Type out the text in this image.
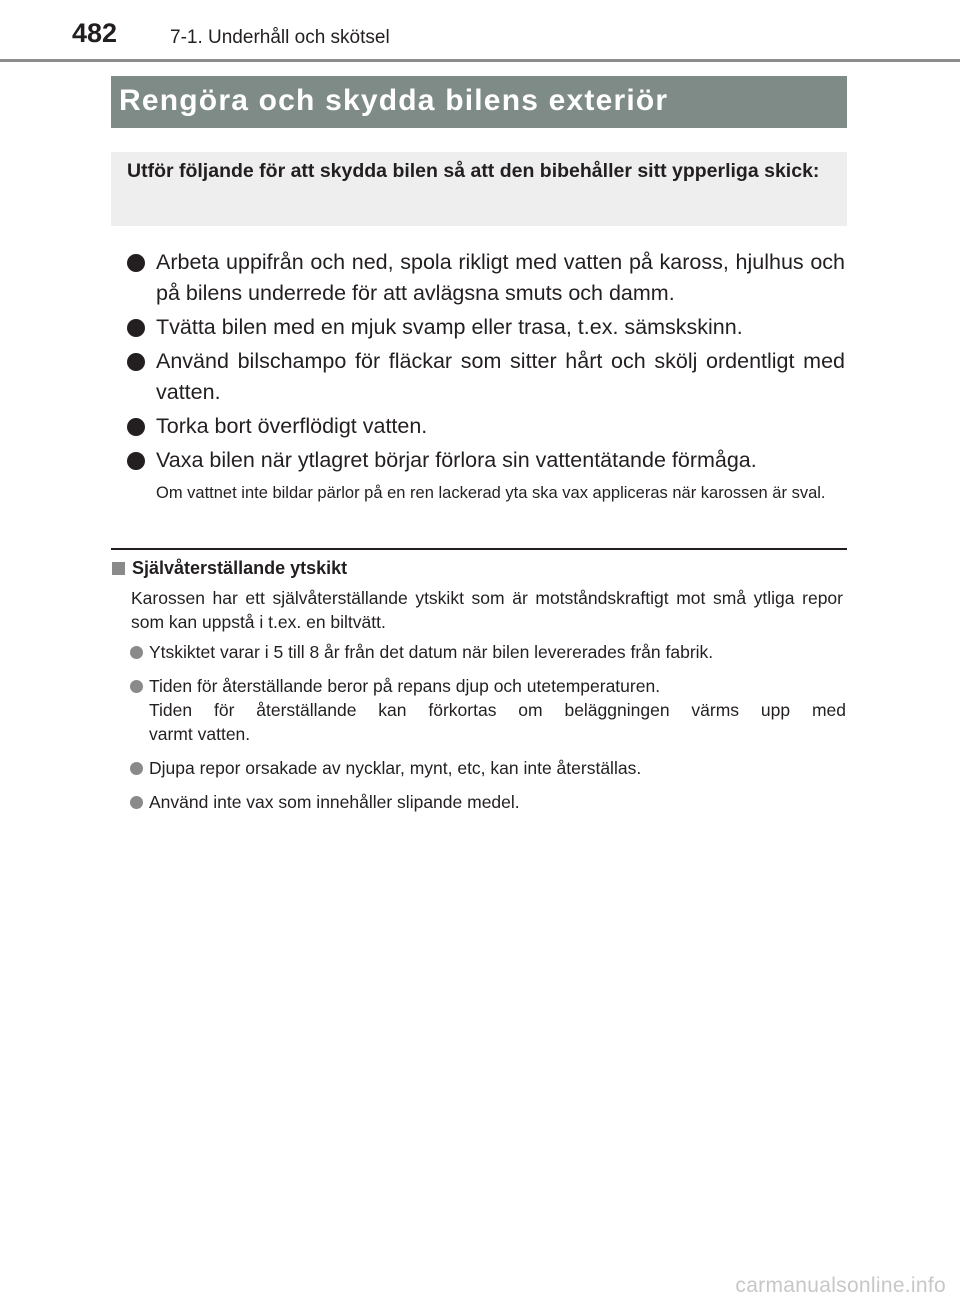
482	7-1. Underhåll och skötsel
Rengöra och skydda bilens exteriör
Utför följande för att skydda bilen så att den bibehåller sitt ypperliga skick:
Arbeta uppifrån och ned, spola rikligt med vatten på kaross, hjulhus och på bilens underrede för att avlägsna smuts och damm.
Tvätta bilen med en mjuk svamp eller trasa, t.ex. sämskskinn.
Använd bilschampo för fläckar som sitter hårt och skölj ordentligt med vatten.
Torka bort överflödigt vatten.
Vaxa bilen när ytlagret börjar förlora sin vattentätande förmåga.
Om vattnet inte bildar pärlor på en ren lackerad yta ska vax appliceras när karossen är sval.
Självåterställande ytskikt
Karossen har ett självåterställande ytskikt som är motståndskraftigt mot små ytliga repor som kan uppstå i t.ex. en biltvätt.
Ytskiktet varar i 5 till 8 år från det datum när bilen levererades från fabrik.
Tiden för återställande beror på repans djup och utetemperaturen.
Tiden för återställande kan förkortas om beläggningen värms upp med
varmt vatten.
Djupa repor orsakade av nycklar, mynt, etc, kan inte återställas.
Använd inte vax som innehåller slipande medel.
carmanualsonline.info
